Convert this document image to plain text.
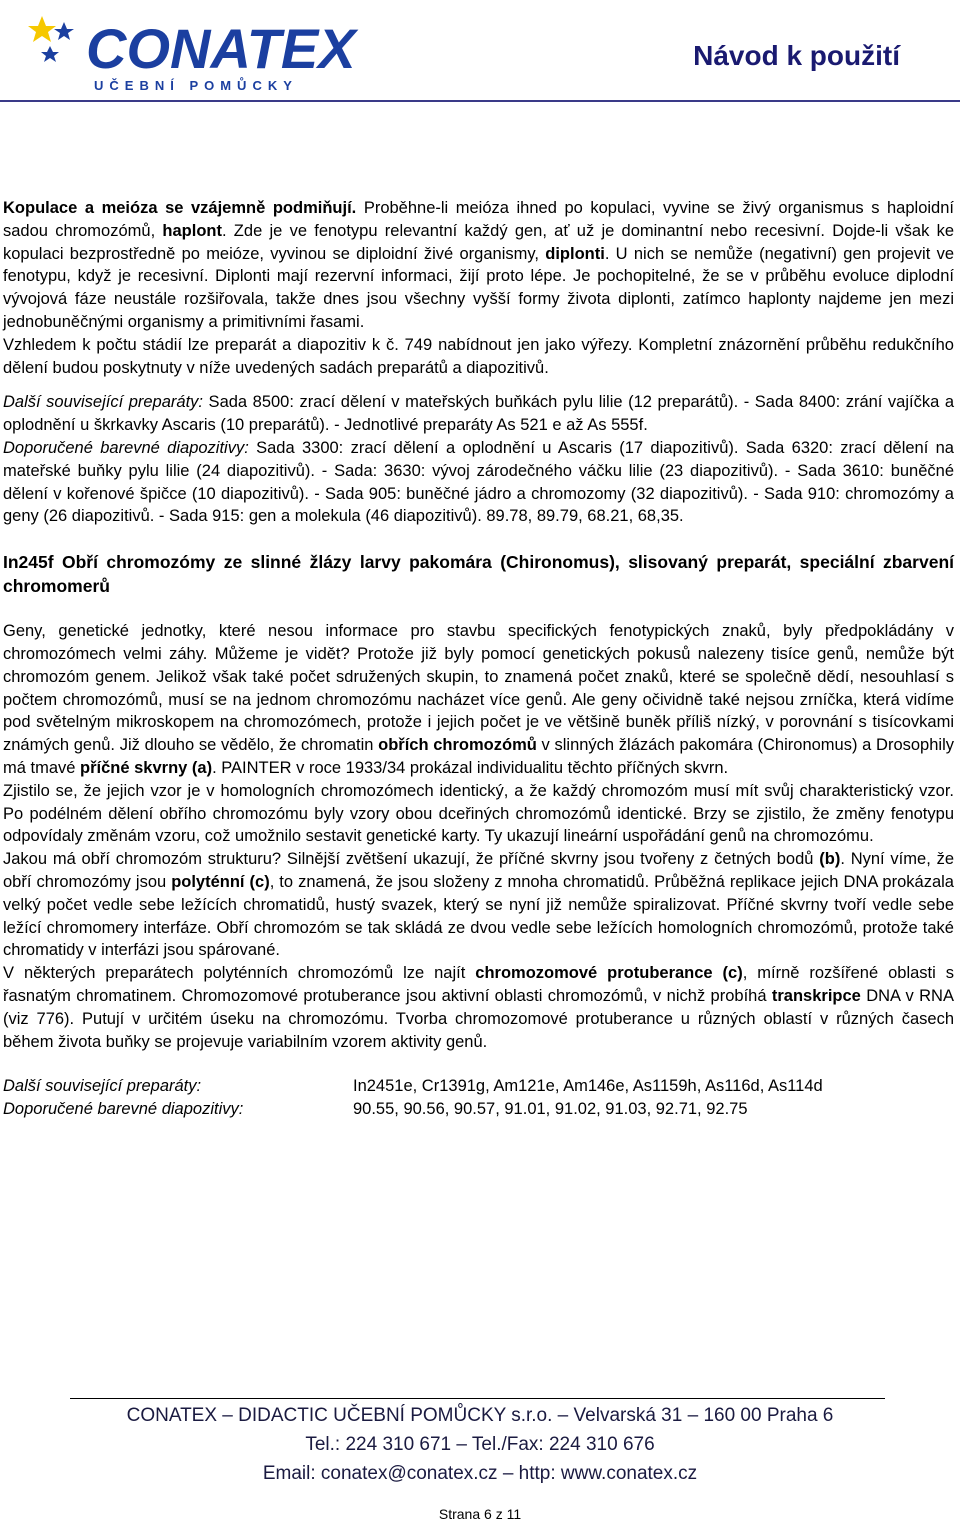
CONATEX
UČEBNÍ POMŮCKY
Návod k použití

Kopulace a meióza se vzájemně podmiňují. Proběhne-li meióza ihned po kopulaci, vyvine se živý organismus s haploidní sadou chromozómů, haplont. Zde je ve fenotypu relevantní každý gen, ať už je dominantní nebo recesivní. Dojde-li však ke kopulaci bezprostředně po meióze, vyvinou se diploidní živé organismy, diplonti. U nich se nemůže (negativní) gen projevit ve fenotypu, když je recesivní. Diplonti mají rezervní informaci, žijí proto lépe. Je pochopitelné, že se v průběhu evoluce diplodní vývojová fáze neustále rozšiřovala, takže dnes jsou všechny vyšší formy života diplonti, zatímco haplonty najdeme jen mezi jednobuněčnými organismy a primitivními řasami.

Vzhledem k počtu stádií lze preparát a diapozitiv k č. 749 nabídnout jen jako výřezy. Kompletní znázornění průběhu redukčního dělení budou poskytnuty v níže uvedených sadách preparátů a diapozitivů.

Další související preparáty: Sada 8500: zrací dělení v mateřských buňkách pylu lilie (12 preparátů). - Sada 8400: zrání vajíčka a oplodnění u škrkavky Ascaris (10 preparátů). - Jednotlivé preparáty As 521 e až As 555f.

Doporučené barevné diapozitivy: Sada 3300: zrací dělení a oplodnění u Ascaris (17 diapozitivů). Sada 6320: zrací dělení na mateřské buňky pylu lilie (24 diapozitivů). - Sada: 3630: vývoj zárodečného váčku lilie (23 diapozitivů). - Sada 3610: buněčné dělení v kořenové špičce (10 diapozitivů). - Sada 905: buněčné jádro a chromozomy (32 diapozitivů). - Sada 910: chromozómy a geny (26 diapozitivů. - Sada 915: gen a molekula (46 diapozitivů). 89.78, 89.79, 68.21, 68,35.

In245f Obří chromozómy ze slinné žlázy larvy pakomára (Chironomus), slisovaný preparát, speciální zbarvení chromomerů

Geny, genetické jednotky, které nesou informace pro stavbu specifických fenotypických znaků, byly předpokládány v chromozómech velmi záhy. Můžeme je vidět? Protože již byly pomocí genetických pokusů nalezeny tisíce genů, nemůže být chromozóm genem. Jelikož však také počet sdružených skupin, to znamená počet znaků, které se společně dědí, nesouhlasí s počtem chromozómů, musí se na jednom chromozómu nacházet více genů. Ale geny očividně také nejsou zrníčka, která vidíme pod světelným mikroskopem na chromozómech, protože i jejich počet je ve většině buněk příliš nízký, v porovnání s tisícovkami známých genů. Již dlouho se vědělo, že chromatin obřích chromozómů v slinných žlázách pakomára (Chironomus) a Drosophily má tmavé příčné skvrny (a). PAINTER v roce 1933/34 prokázal individualitu těchto příčných skvrn.

Zjistilo se, že jejich vzor je v homologních chromozómech identický, a že každý chromozóm musí mít svůj charakteristický vzor. Po podélném dělení obřího chromozómu byly vzory obou dceřiných chromozómů identické. Brzy se zjistilo, že změny fenotypu odpovídaly změnám vzoru, což umožnilo sestavit genetické karty. Ty ukazují lineární uspořádání genů na chromozómu.

Jakou má obří chromozóm strukturu? Silnější zvětšení ukazují, že příčné skvrny jsou tvořeny z četných bodů (b). Nyní víme, že obří chromozómy jsou polyténní (c), to znamená, že jsou složeny z mnoha chromatidů. Průběžná replikace jejich DNA prokázala velký počet vedle sebe ležících chromatidů, hustý svazek, který se nyní již nemůže spiralizovat. Příčné skvrny tvoří vedle sebe ležící chromomery interfáze. Obří chromozóm se tak skládá ze dvou vedle sebe ležících homologních chromozómů, protože také chromatidy v interfázi jsou spárované.

V některých preparátech polyténních chromozómů lze najít chromozomové protuberance (c), mírně rozšířené oblasti s řasnatým chromatinem. Chromozomové protuberance jsou aktivní oblasti chromozómů, v nichž probíhá transkripce DNA v RNA (viz 776). Putují v určitém úseku na chromozómu. Tvorba chromozomové protuberance u různých oblastí v různých časech během života buňky se projevuje variabilním vzorem aktivity genů.

Další související preparáty:	In2451e, Cr1391g, Am121e, Am146e, As1159h, As116d, As114d
Doporučené barevné diapozitivy:	90.55, 90.56, 90.57, 91.01, 91.02, 91.03, 92.71, 92.75
CONATEX – DIDACTIC UČEBNÍ POMŮCKY s.r.o. – Velvarská 31 – 160 00 Praha 6
Tel.: 224 310 671 – Tel./Fax: 224 310 676
Email: conatex@conatex.cz – http: www.conatex.cz
Strana 6 z 11
